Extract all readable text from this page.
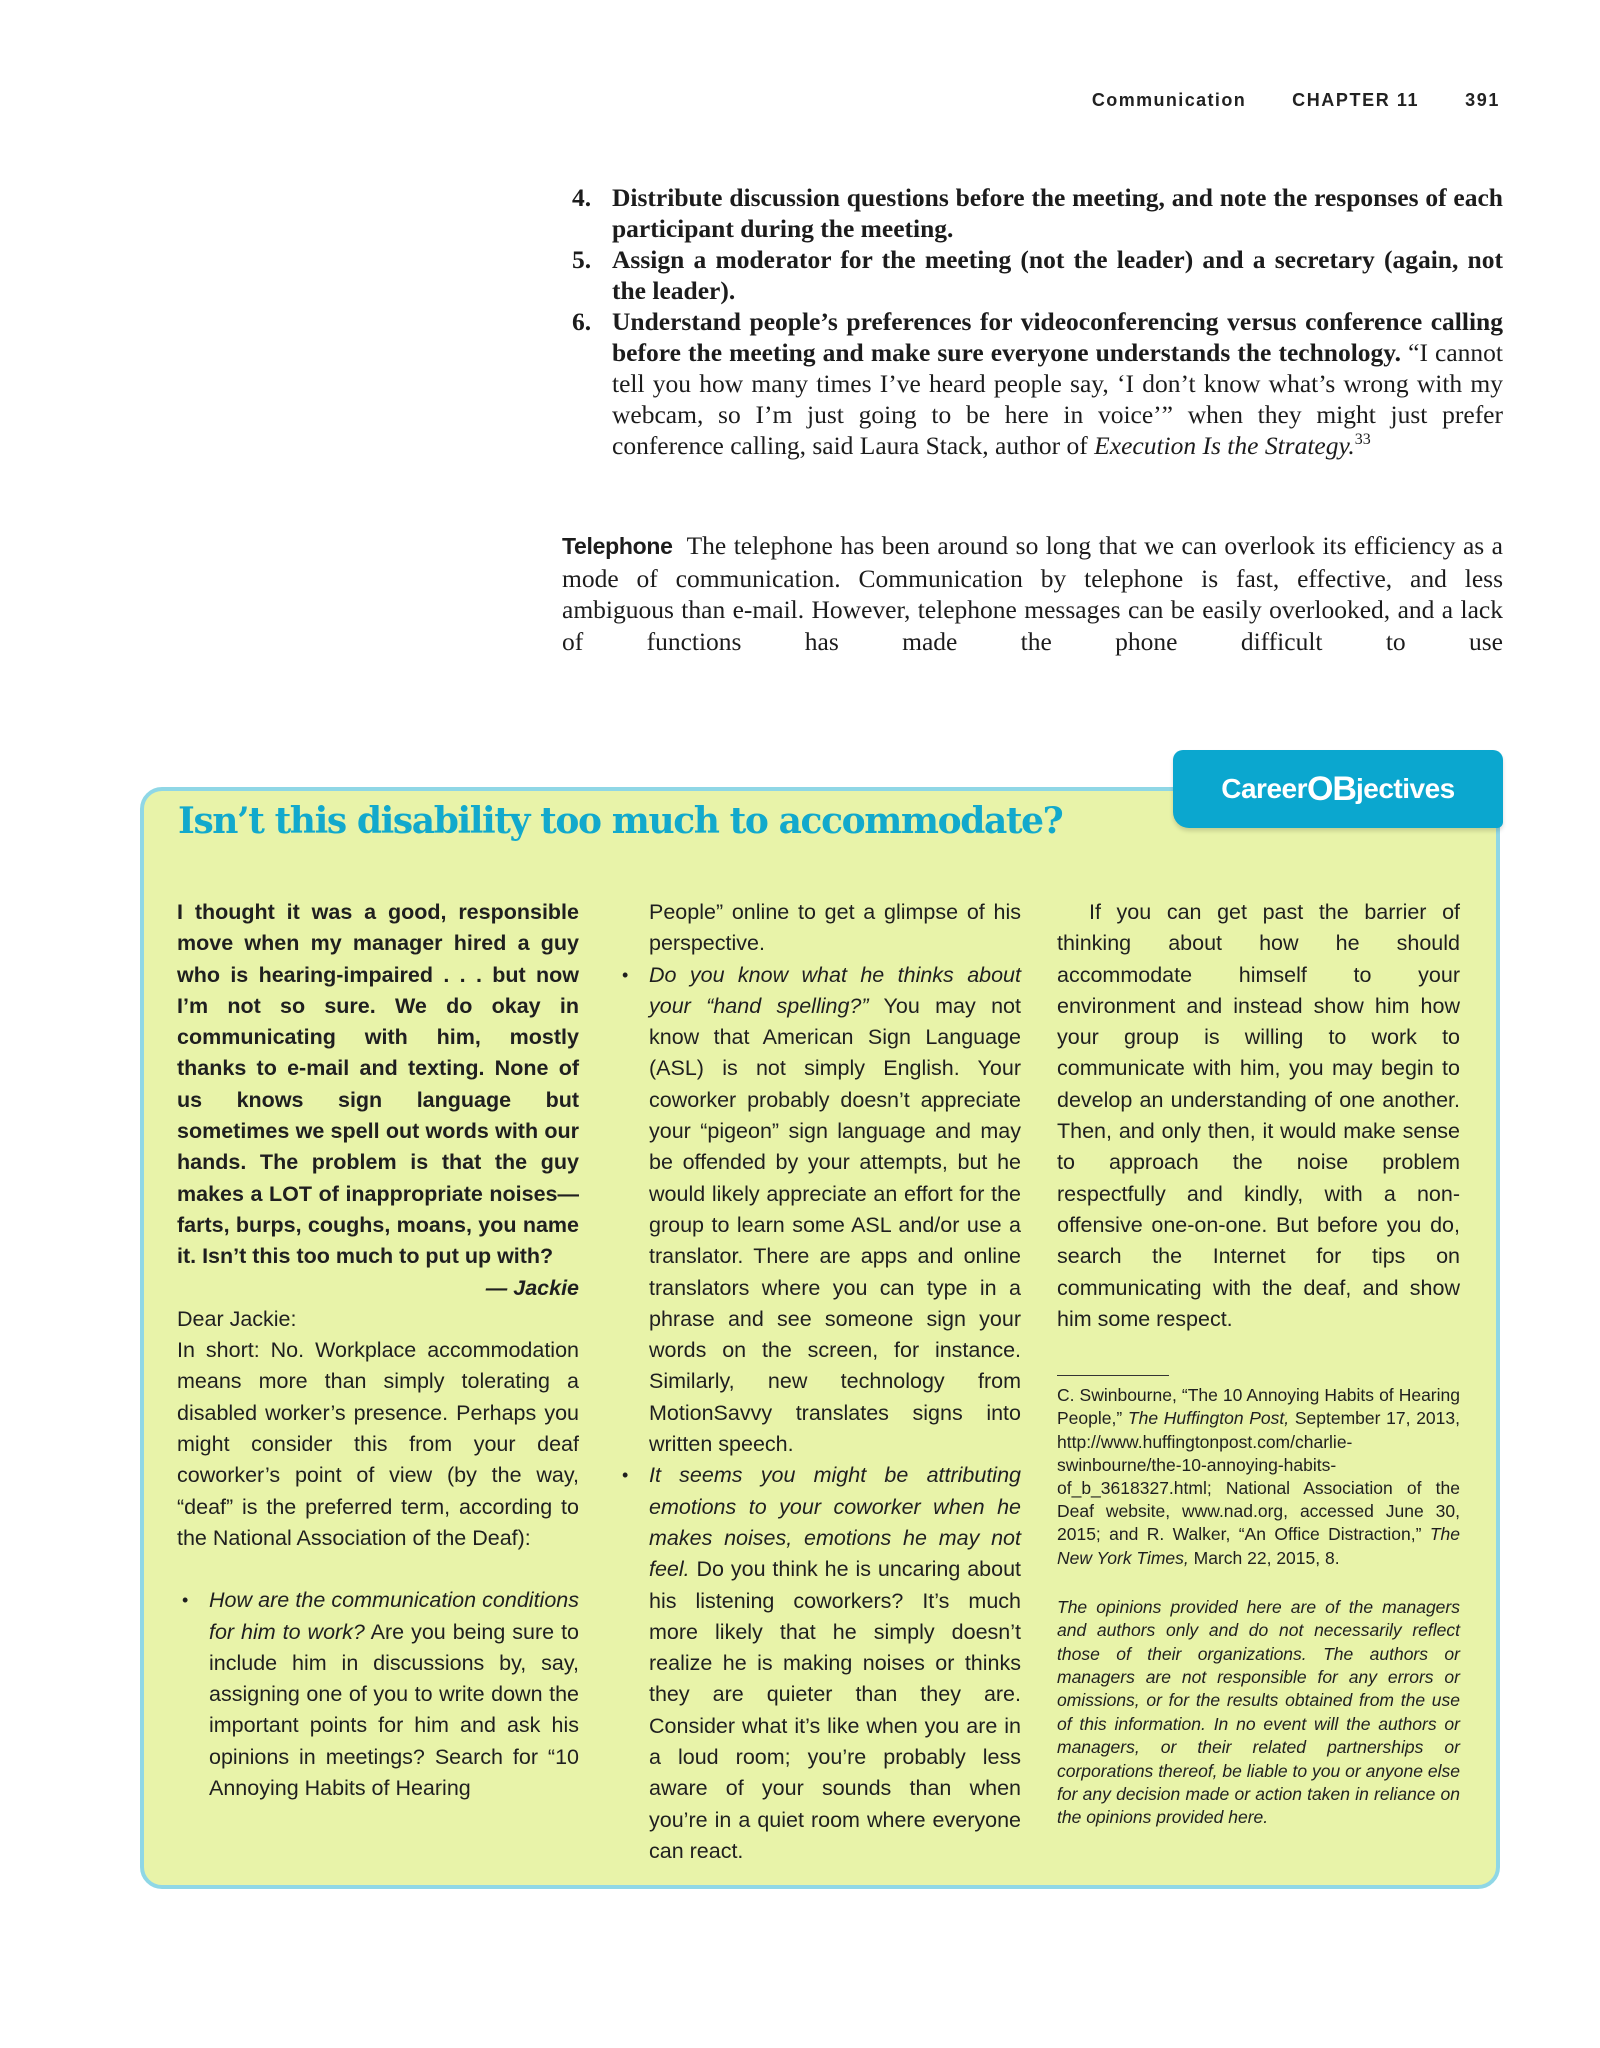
Communication	CHAPTER 11	391
4. Distribute discussion questions before the meeting, and note the responses of each participant during the meeting.
5. Assign a moderator for the meeting (not the leader) and a secretary (again, not the leader).
6. Understand people’s preferences for videoconferencing versus conference calling before the meeting and make sure everyone understands the technology. “I cannot tell you how many times I’ve heard people say, ‘I don’t know what’s wrong with my webcam, so I’m just going to be here in voice’” when they might just prefer conference calling, said Laura Stack, author of Execution Is the Strategy.$^{33}$

Telephone The telephone has been around so long that we can overlook its efficiency as a mode of communication. Communication by telephone is fast, effective, and less ambiguous than e-mail. However, telephone messages can be easily overlooked, and a lack of functions has made the phone difficult to use

Career OB jectives
Isn’t this disability too much to accommodate?

I thought it was a good, responsible move when my manager hired a guy who is hearing-impaired . . . but now I’m not so sure. We do okay in communicating with him, mostly thanks to e-mail and texting. None of us knows sign language but sometimes we spell out words with our hands. The problem is that the guy makes a LOT of inappropriate noises—farts, burps, coughs, moans, you name it. Isn’t this too much to put up with?

— Jackie

Dear Jackie:

In short: No. Workplace accommodation means more than simply tolerating a disabled worker’s presence. Perhaps you might consider this from your deaf coworker’s point of view (by the way, “deaf” is the preferred term, according to the National Association of the Deaf):

• How are the communication conditions for him to work? Are you being sure to include him in discussions by, say, assigning one of you to write down the important points for him and ask his opinions in meetings? Search for “10 Annoying Habits of Hearing

People” online to get a glimpse of his perspective.

• Do you know what he thinks about your “hand spelling?” You may not know that American Sign Language (ASL) is not simply English. Your coworker probably doesn’t appreciate your “pigeon” sign language and may be offended by your attempts, but he would likely appreciate an effort for the group to learn some ASL and/or use a translator. There are apps and online translators where you can type in a phrase and see someone sign your words on the screen, for instance. Similarly, new technology from MotionSavvy translates signs into written speech.
• It seems you might be attributing emotions to your coworker when he makes noises, emotions he may not feel. Do you think he is uncaring about his listening coworkers? It’s much more likely that he simply doesn’t realize he is making noises or thinks they are quieter than they are. Consider what it’s like when you are in a loud room; you’re probably less aware of your sounds than when you’re in a quiet room where everyone can react.

If you can get past the barrier of thinking about how he should accommodate himself to your environment and instead show him how your group is willing to work to communicate with him, you may begin to develop an understanding of one another. Then, and only then, it would make sense to approach the noise problem respectfully and kindly, with a non-offensive one-on-one. But before you do, search the Internet for tips on communicating with the deaf, and show him some respect.

C. Swinbourne, “The 10 Annoying Habits of Hearing People,” The Huffington Post, September 17, 2013, http://www.huffingtonpost.com/charlie-swinbourne/the-10-annoying-habits-of_b_3618327.html; National Association of the Deaf website, www.nad.org, accessed June 30, 2015; and R. Walker, “An Office Distraction,” The New York Times, March 22, 2015, 8.

The opinions provided here are of the managers and authors only and do not necessarily reflect those of their organizations. The authors or managers are not responsible for any errors or omissions, or for the results obtained from the use of this information. In no event will the authors or managers, or their related partnerships or corporations thereof, be liable to you or anyone else for any decision made or action taken in reliance on the opinions provided here.
